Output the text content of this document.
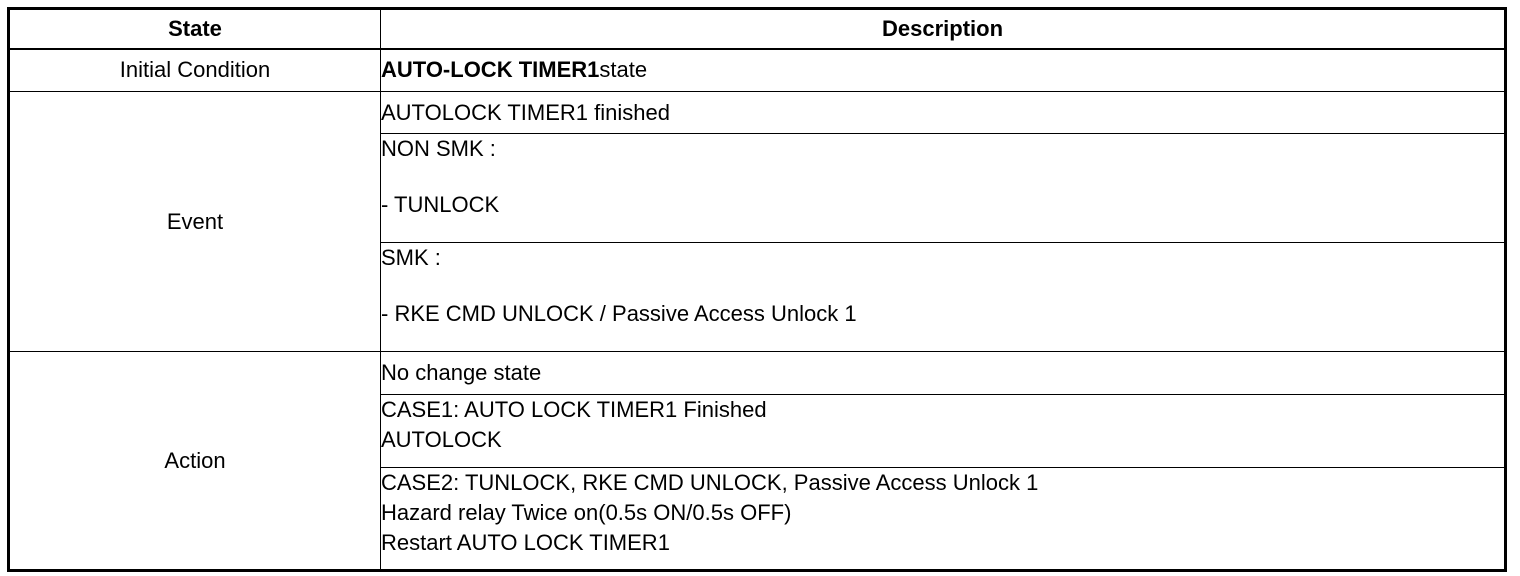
State	Description
Initial Condition	AUTO-LOCK TIMER1state
Event	AUTOLOCK TIMER1 finished

	NON SMK :
- TUNLOCK

	SMK :
- RKE CMD UNLOCK / Passive Access Unlock 1

Action	No change state

	CASE1: AUTO LOCK TIMER1 Finished
AUTOLOCK

	CASE2: TUNLOCK, RKE CMD UNLOCK, Passive Access Unlock 1
Hazard relay Twice on(0.5s ON/0.5s OFF)
Restart AUTO LOCK TIMER1
